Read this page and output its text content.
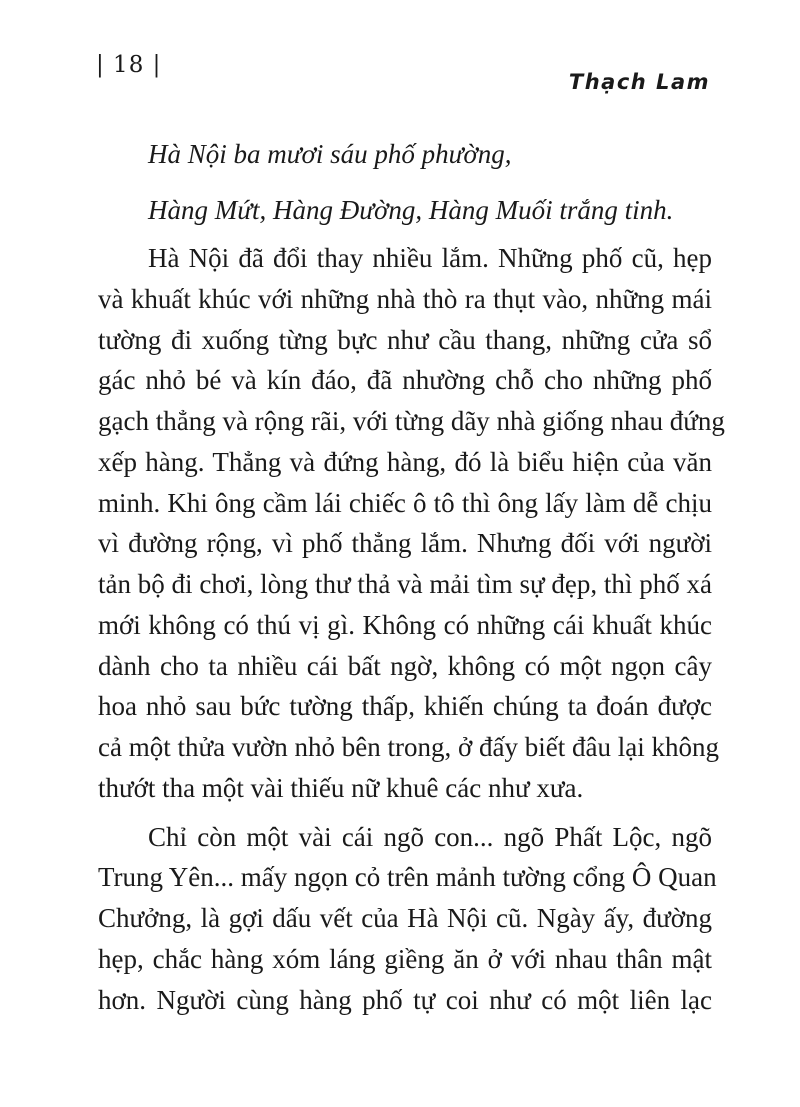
| 18 |
Thạch Lam
Hà Nội ba mươi sáu phố phường,
Hàng Mứt, Hàng Đường, Hàng Muối trắng tinh.
Hà Nội đã đổi thay nhiều lắm. Những phố cũ, hẹp
và khuất khúc với những nhà thò ra thụt vào, những mái
tường đi xuống từng bực như cầu thang, những cửa sổ
gác nhỏ bé và kín đáo, đã nhường chỗ cho những phố
gạch thẳng và rộng rãi, với từng dãy nhà giống nhau đứng
xếp hàng. Thẳng và đứng hàng, đó là biểu hiện của văn
minh. Khi ông cầm lái chiếc ô tô thì ông lấy làm dễ chịu
vì đường rộng, vì phố thẳng lắm. Nhưng đối với người
tản bộ đi chơi, lòng thư thả và mải tìm sự đẹp, thì phố xá
mới không có thú vị gì. Không có những cái khuất khúc
dành cho ta nhiều cái bất ngờ, không có một ngọn cây
hoa nhỏ sau bức tường thấp, khiến chúng ta đoán được
cả một thửa vườn nhỏ bên trong, ở đấy biết đâu lại không
thướt tha một vài thiếu nữ khuê các như xưa.
Chỉ còn một vài cái ngõ con... ngõ Phất Lộc, ngõ
Trung Yên... mấy ngọn cỏ trên mảnh tường cổng Ô Quan
Chưởng, là gợi dấu vết của Hà Nội cũ. Ngày ấy, đường
hẹp, chắc hàng xóm láng giềng ăn ở với nhau thân mật
hơn. Người cùng hàng phố tự coi như có một liên lạc
